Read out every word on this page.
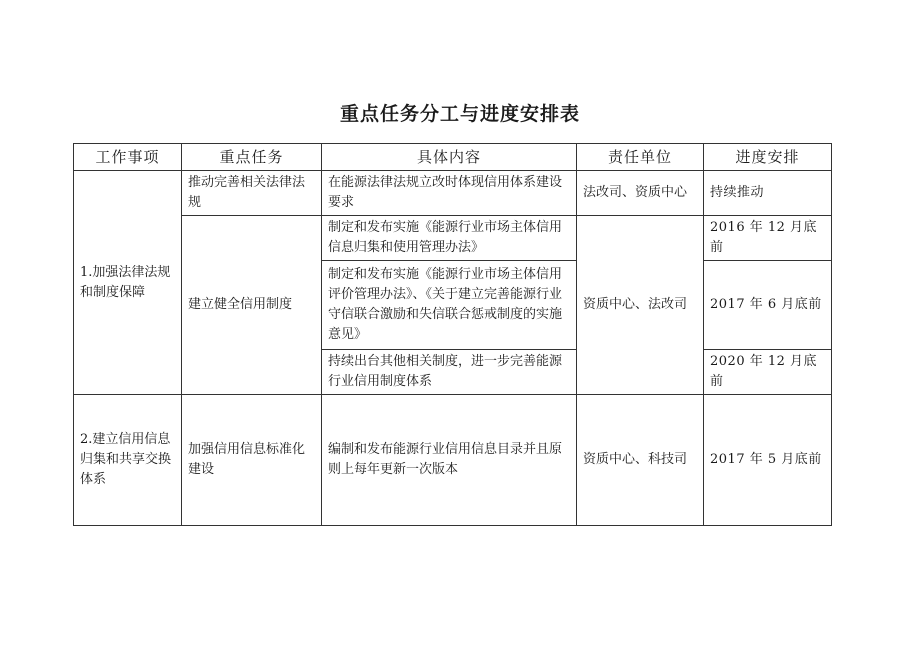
重点任务分工与进度安排表
工作事项	重点任务	具体内容	责任单位	进度安排
1.加强法律法规和制度保障	推动完善相关法律法规	在能源法律法规立改时体现信用体系建设要求	法改司、资质中心	持续推动
	建立健全信用制度	制定和发布实施《能源行业市场主体信用信息归集和使用管理办法》	资质中心、法改司	2016 年 12 月底前
		制定和发布实施《能源行业市场主体信用评价管理办法》、《关于建立完善能源行业守信联合激励和失信联合惩戒制度的实施意见》		2017 年 6 月底前
		持续出台其他相关制度，进一步完善能源行业信用制度体系		2020 年 12 月底前
2.建立信用信息归集和共享交换体系	加强信用信息标准化建设	编制和发布能源行业信用信息目录并且原则上每年更新一次版本	资质中心、科技司	2017 年 5 月底前
